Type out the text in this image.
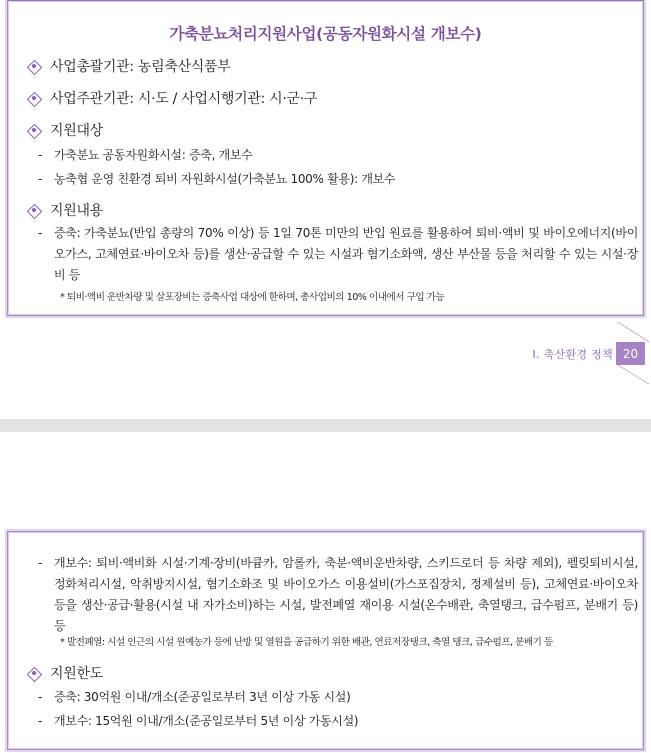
가축분뇨처리지원사업(공동자원화시설 개보수)
사업총괄기관: 농림축산식품부
사업주관기관: 시·도 / 사업시행기관: 시·군·구
지원대상
- 가축분뇨 공동자원화시설: 증축, 개보수
- 농축협 운영 친환경 퇴비 자원화시설(가축분뇨 100% 활용): 개보수
지원내용
- 증축: 가축분뇨(반입 총량의 70% 이상) 등 1일 70톤 미만의 반입 원료를 활용하여 퇴비·액비 및 바이오에너지(바이오가스, 고체연료·바이오차 등)를 생산·공급할 수 있는 시설과 혐기소화액, 생산 부산물 등을 처리할 수 있는 시설·장비 등
* 퇴비·액비 운반차량 및 살포장비는 증축사업 대상에 한하며, 총사업비의 10% 이내에서 구입 가능
Ⅰ. 축산환경 정책 20
- 개보수: 퇴비·액비화 시설·기계·장비(바큠카, 암롤카, 축분·액비운반차량, 스키드로더 등 차량 제외), 펠릿퇴비시설, 정화처리시설, 악취방지시설, 혐기소화조 및 바이오가스 이용설비(가스포집장치, 정제설비 등), 고체연료·바이오차 등을 생산·공급·활용(시설 내 자가소비)하는 시설, 발전폐열 재이용 시설(온수배관, 축열탱크, 급수펌프, 분배기 등) 등
* 발전폐열: 시설 인근의 시설 원예농가 등에 난방 및 열원을 공급하기 위한 배관, 연료저장탱크, 축열 탱크, 급수펌프, 분배기 등
지원한도
- 증축: 30억원 이내/개소(준공일로부터 3년 이상 가동 시설)
- 개보수: 15억원 이내/개소(준공일로부터 5년 이상 가동시설)
